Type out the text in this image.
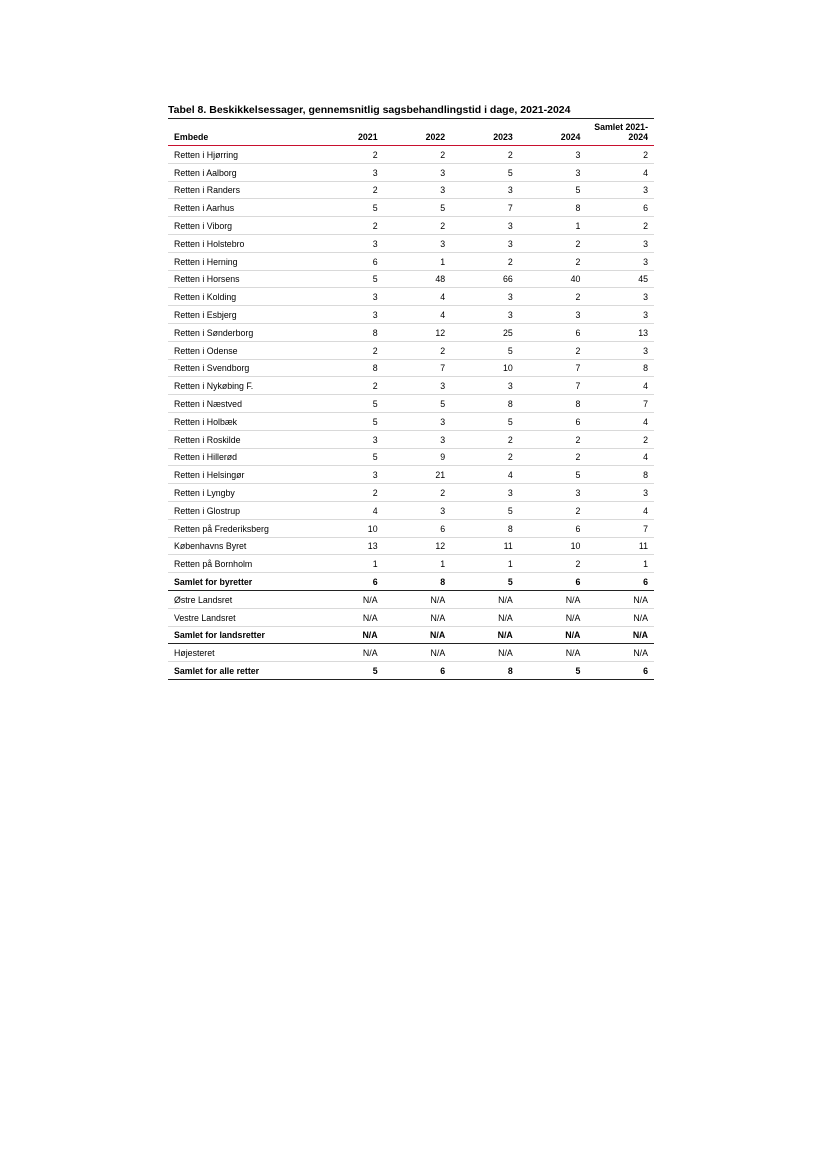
Tabel 8. Beskikkelsessager, gennemsnitlig sagsbehandlingstid i dage, 2021-2024
Embede	2021	2022	2023	2024	Samlet 2021-2024
Retten i Hjørring	2	2	2	3	2
Retten i Aalborg	3	3	5	3	4
Retten i Randers	2	3	3	5	3
Retten i Aarhus	5	5	7	8	6
Retten i Viborg	2	2	3	1	2
Retten i Holstebro	3	3	3	2	3
Retten i Herning	6	1	2	2	3
Retten i Horsens	5	48	66	40	45
Retten i Kolding	3	4	3	2	3
Retten i Esbjerg	3	4	3	3	3
Retten i Sønderborg	8	12	25	6	13
Retten i Odense	2	2	5	2	3
Retten i Svendborg	8	7	10	7	8
Retten i Nykøbing F.	2	3	3	7	4
Retten i Næstved	5	5	8	8	7
Retten i Holbæk	5	3	5	6	4
Retten i Roskilde	3	3	2	2	2
Retten i Hillerød	5	9	2	2	4
Retten i Helsingør	3	21	4	5	8
Retten i Lyngby	2	2	3	3	3
Retten i Glostrup	4	3	5	2	4
Retten på Frederiksberg	10	6	8	6	7
Københavns Byret	13	12	11	10	11
Retten på Bornholm	1	1	1	2	1
Samlet for byretter	6	8	5	6	6
Østre Landsret	N/A	N/A	N/A	N/A	N/A
Vestre Landsret	N/A	N/A	N/A	N/A	N/A
Samlet for landsretter	N/A	N/A	N/A	N/A	N/A
Højesteret	N/A	N/A	N/A	N/A	N/A
Samlet for alle retter	5	6	8	5	6
